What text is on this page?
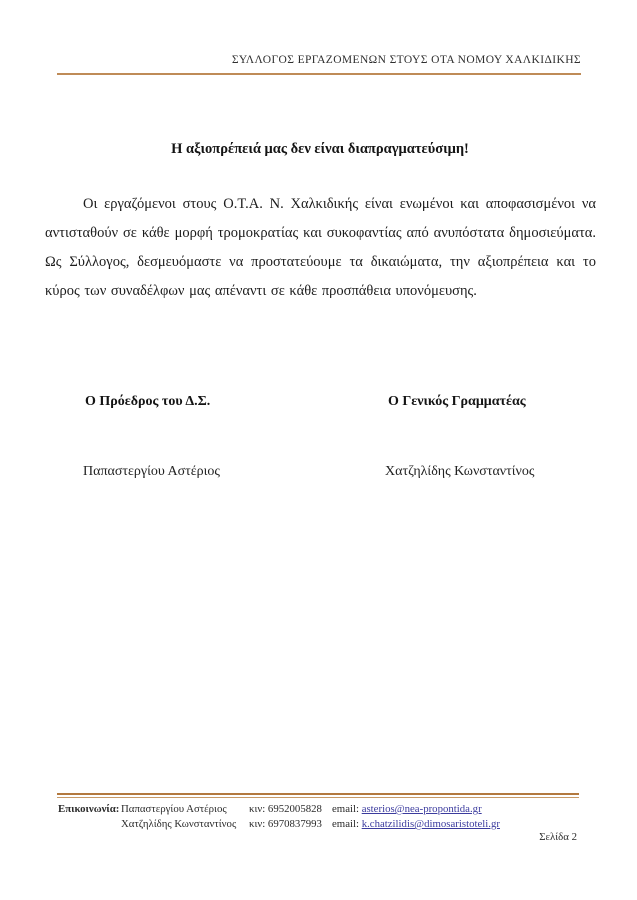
ΣΥΛΛΟΓΟΣ ΕΡΓΑΖΟΜΕΝΩΝ ΣΤΟΥΣ ΟΤΑ ΝΟΜΟΥ ΧΑΛΚΙΔΙΚΗΣ
Η αξιοπρέπειά μας δεν είναι διαπραγματεύσιμη!

Οι εργαζόμενοι στους Ο.Τ.Α. Ν. Χαλκιδικής είναι ενωμένοι και αποφασισμένοι να αντισταθούν σε κάθε μορφή τρομοκρατίας και συκοφαντίας από ανυπόστατα δημοσιεύματα. Ως Σύλλογος, δεσμευόμαστε να προστατεύουμε τα δικαιώματα, την αξιοπρέπεια και το κύρος των συναδέλφων μας απέναντι σε κάθε προσπάθεια υπονόμευσης.

Ο Πρόεδρος του Δ.Σ.	Ο Γενικός Γραμματέας
Παπαστεργίου Αστέριος	Χατζηλίδης Κωνσταντίνος
Επικοινωνία: Παπαστεργίου Αστέριος	κιν: 6952005828 email: asterios@nea-propontida.gr
Χατζηλίδης Κωνσταντίνος	κιν: 6970837993 email: k.chatzilidis@dimosaristoteli.gr
Σελίδα 2
